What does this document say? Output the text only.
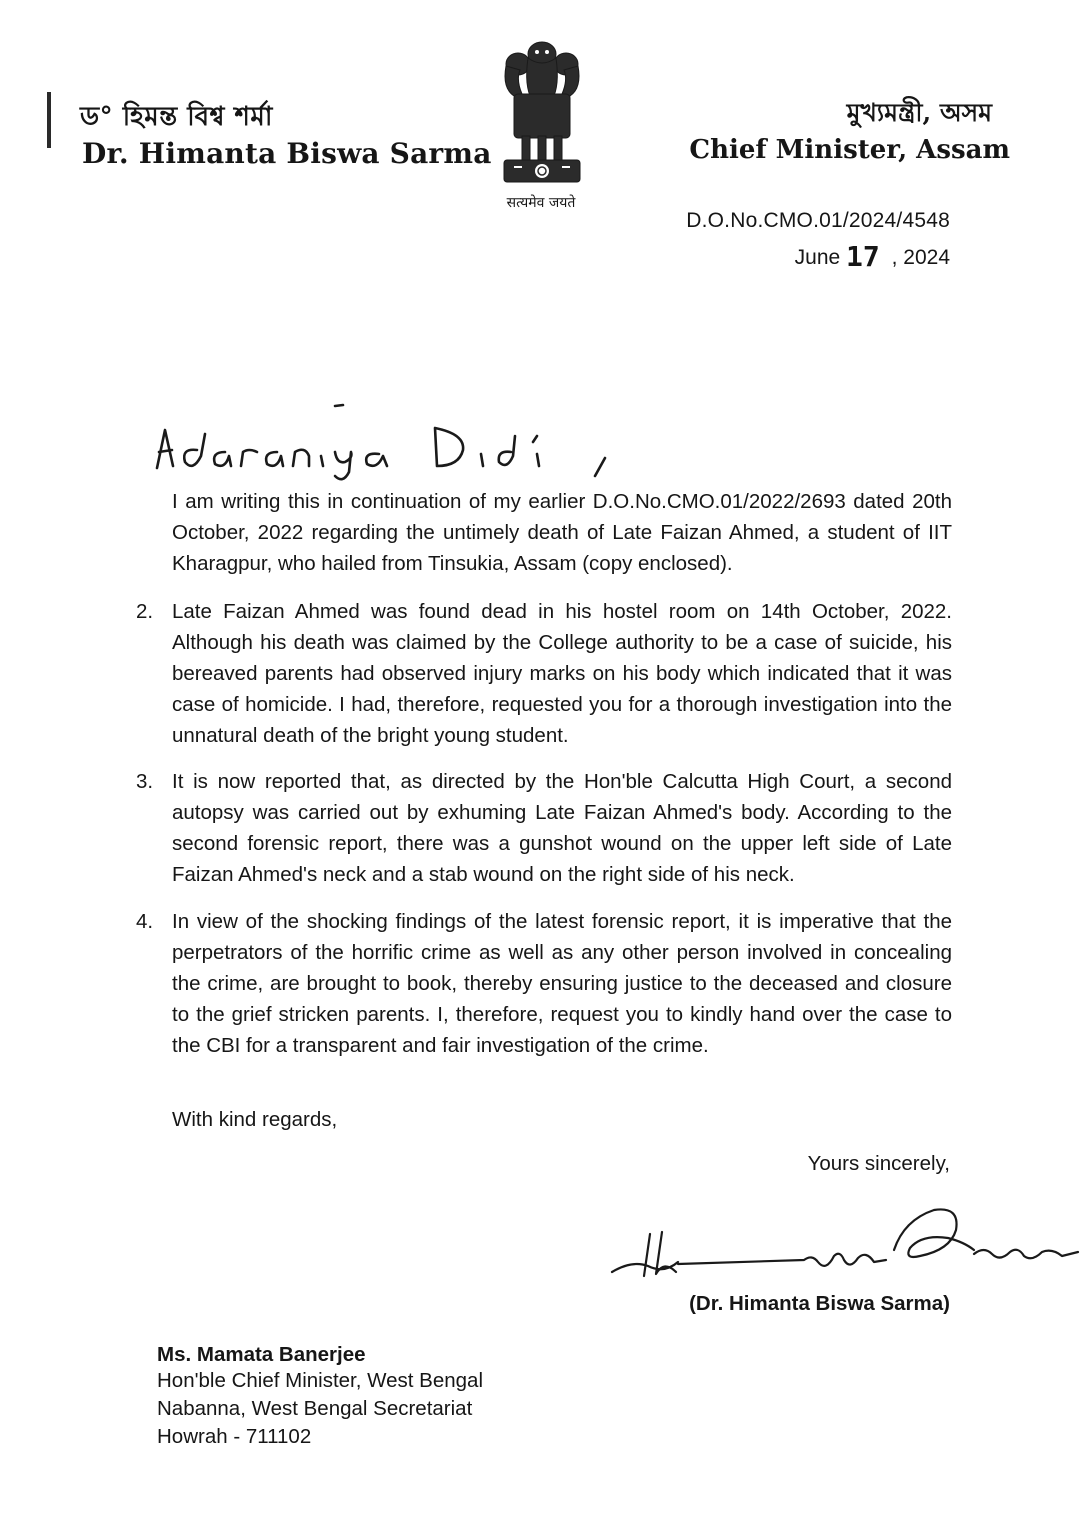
ড° হিমন্ত বিশ্ব শৰ্মা
Dr. Himanta Biswa Sarma
सत्यमेव जयते
মুখ্যমন্ত্ৰী, অসম
Chief Minister, Assam
D.O.No.CMO.01/2024/4548
June 17 , 2024
I am writing this in continuation of my earlier D.O.No.CMO.01/2022/2693 dated 20th October, 2022 regarding the untimely death of Late Faizan Ahmed, a student of IIT Kharagpur, who hailed from Tinsukia, Assam (copy enclosed).
2. Late Faizan Ahmed was found dead in his hostel room on 14th October, 2022. Although his death was claimed by the College authority to be a case of suicide, his bereaved parents had observed injury marks on his body which indicated that it was case of homicide. I had, therefore, requested you for a thorough investigation into the unnatural death of the bright young student.
3. It is now reported that, as directed by the Hon'ble Calcutta High Court, a second autopsy was carried out by exhuming Late Faizan Ahmed's body. According to the second forensic report, there was a gunshot wound on the upper left side of Late Faizan Ahmed's neck and a stab wound on the right side of his neck.
4. In view of the shocking findings of the latest forensic report, it is imperative that the perpetrators of the horrific crime as well as any other person involved in concealing the crime, are brought to book, thereby ensuring justice to the deceased and closure to the grief stricken parents. I, therefore, request you to kindly hand over the case to the CBI for a transparent and fair investigation of the crime.
With kind regards,
Yours sincerely,
(Dr. Himanta Biswa Sarma)
Ms. Mamata Banerjee
Hon'ble Chief Minister, West Bengal
Nabanna, West Bengal Secretariat
Howrah - 711102
